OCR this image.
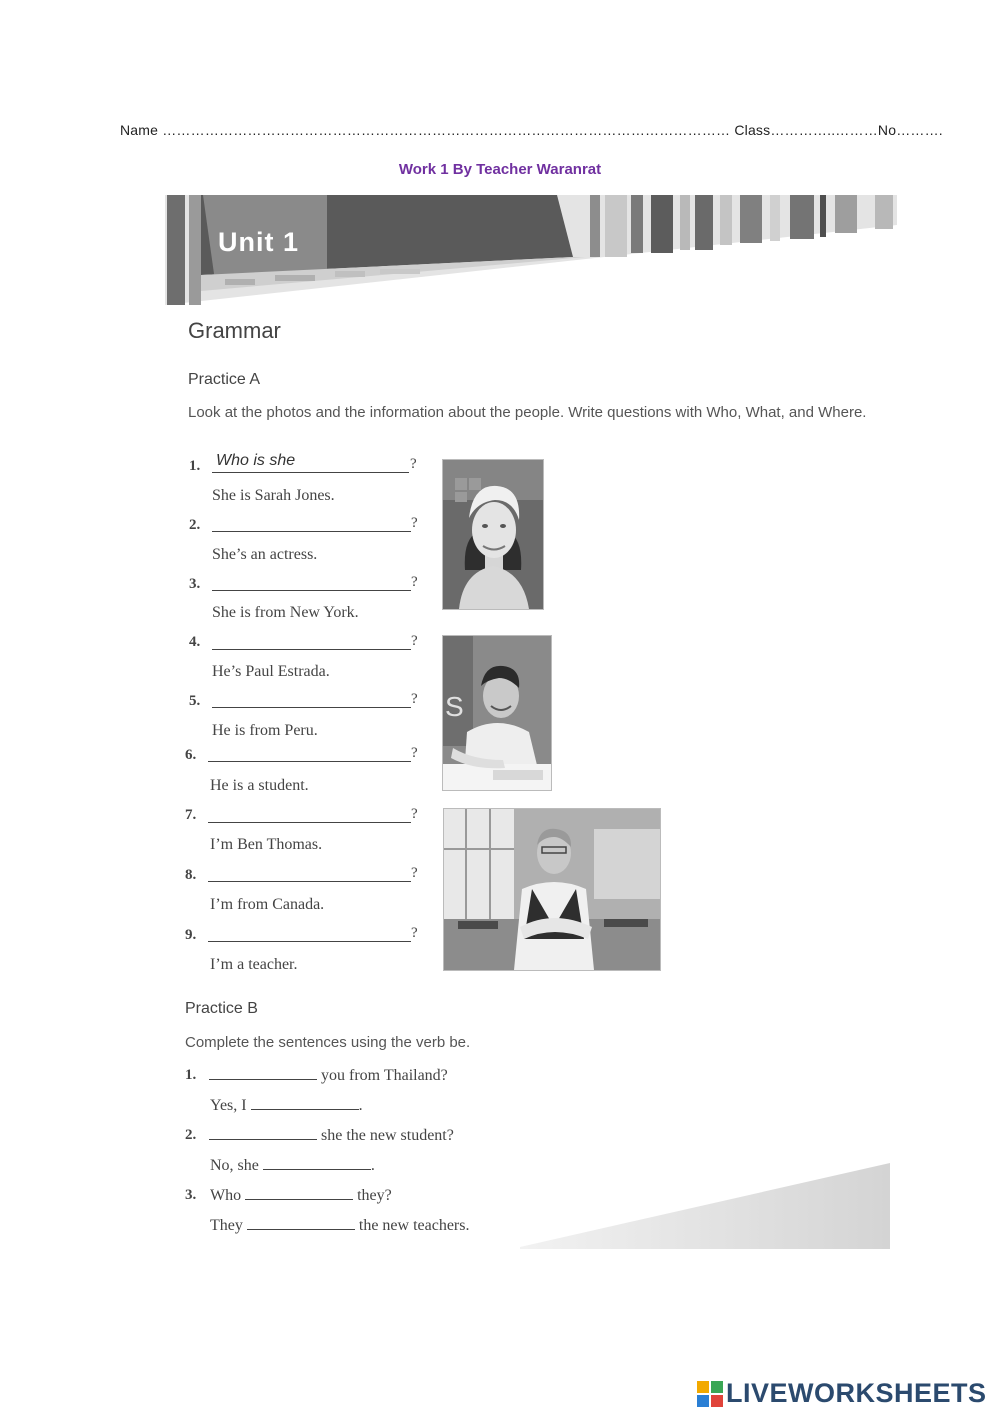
Name ………………………………………………………………………………………………………… Class…………..………No……….
Work 1 By Teacher Waranrat
Unit 1
Grammar
Practice A
Look at the photos and the information about the people. Write questions with Who, What, and Where.
1. Who is she	?
She is Sarah Jones.
2.	?
She’s an actress.
3.	?
She is from New York.
4.	?
He’s Paul Estrada.
5.	?
He is from Peru.
6.	?
He is a student.
7.	?
I’m Ben Thomas.
8.	?
I’m from Canada.
9.	?
I’m a teacher.
S
Practice B
Complete the sentences using the verb be.
1.	you from Thailand?
Yes, I	.
2.	she the new student?
No, she	.
3. Who	they?
They	the new teachers.
LIVEWORKSHEETS
